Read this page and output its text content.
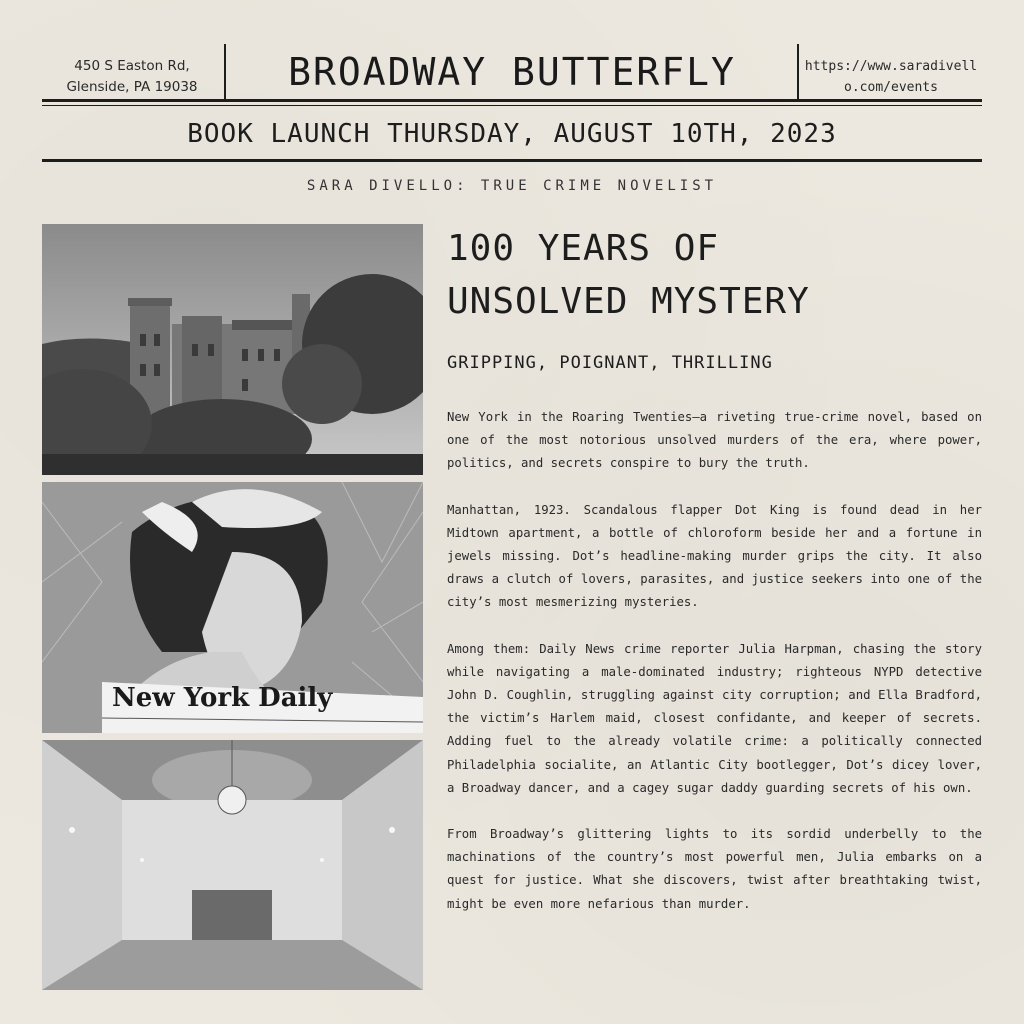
450 S Easton Rd,
Glenside, PA 19038	BROADWAY BUTTERFLY	https://www.saradivello.com/events
BOOK LAUNCH THURSDAY, AUGUST 10TH, 2023
SARA DIVELLO: TRUE CRIME NOVELIST
New York Daily
100 YEARS OF
UNSOLVED MYSTERY
GRIPPING, POIGNANT, THRILLING

New York in the Roaring Twenties—a riveting true-crime novel, based on one of the most notorious unsolved murders of the era, where power, politics, and secrets conspire to bury the truth.

Manhattan, 1923. Scandalous flapper Dot King is found dead in her Midtown apartment, a bottle of chloroform beside her and a fortune in jewels missing. Dot’s headline-making murder grips the city. It also draws a clutch of lovers, parasites, and justice seekers into one of the city’s most mesmerizing mysteries.

Among them: Daily News crime reporter Julia Harpman, chasing the story while navigating a male-dominated industry; righteous NYPD detective John D. Coughlin, struggling against city corruption; and Ella Bradford, the victim’s Harlem maid, closest confidante, and keeper of secrets. Adding fuel to the already volatile crime: a politically connected Philadelphia socialite, an Atlantic City bootlegger, Dot’s dicey lover, a Broadway dancer, and a cagey sugar daddy guarding secrets of his own.

From Broadway’s glittering lights to its sordid underbelly to the machinations of the country’s most powerful men, Julia embarks on a quest for justice. What she discovers, twist after breathtaking twist, might be even more nefarious than murder.
